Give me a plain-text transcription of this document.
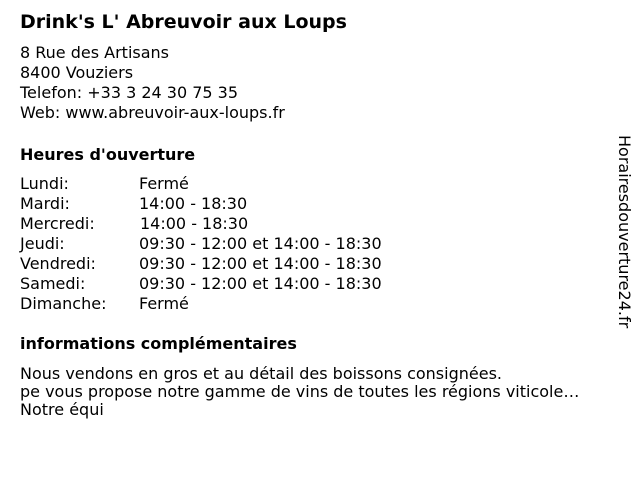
Drink's L' Abreuvoir aux Loups
8 Rue des Artisans
8400 Vouziers
Telefon: +33 3 24 30 75 35
Web: www.abreuvoir-aux-loups.fr
Heures d'ouverture
Lundi:	Fermé
Mardi:	14:00 - 18:30
Mercredi:	14:00 - 18:30
Jeudi:	09:30 - 12:00 et 14:00 - 18:30
Vendredi:	09:30 - 12:00 et 14:00 - 18:30
Samedi:	09:30 - 12:00 et 14:00 - 18:30
Dimanche: Fermé
informations complémentaires
Nous vendons en gros et au détail des boissons consignées.
pe vous propose notre gamme de vins de toutes les régions viticole…
Notre équi
Horairesdouverture24.fr
